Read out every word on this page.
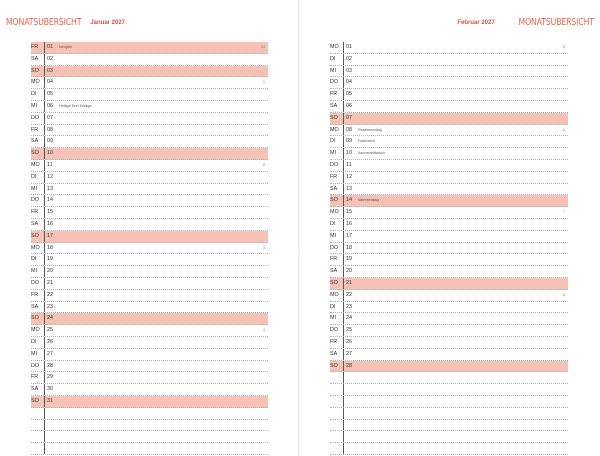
MONATSÜBERSICHT Januar 2027
FR	01 Neujahr	53
SA	02
SO	03
MO	04	1
DI	05
MI	06 Heilige Drei Könige
DO	07
FR	08
SA	09
SO	10
MO	11	2
DI	12
MI	13
DO	14
FR	15
SA	16
SO	17
MO	18	3
DI	19
MI	20
DO	21
FR	22
SA	23
SO	24
MO	25	4
DI	26
MI	27
DO	28
FR	29
SA	30
SO	31
Februar 2027	MONATSÜBERSICHT
MO	01	5
DI	02
MI	03
DO	04
FR	05
SA	06
SO	07
MO	08 Rosenmontag	6
DI	09 Fastnacht
MI	10 Aschermittwoch
DO	11
FR	12
SA	13
SO	14 Valentinstag
MO	15	7
DI	16
MI	17
DO	18
FR	19
SA	20
SO	21
MO	22	8
DI	23
MI	24
DO	25
FR	26
SA	27
SO	28
